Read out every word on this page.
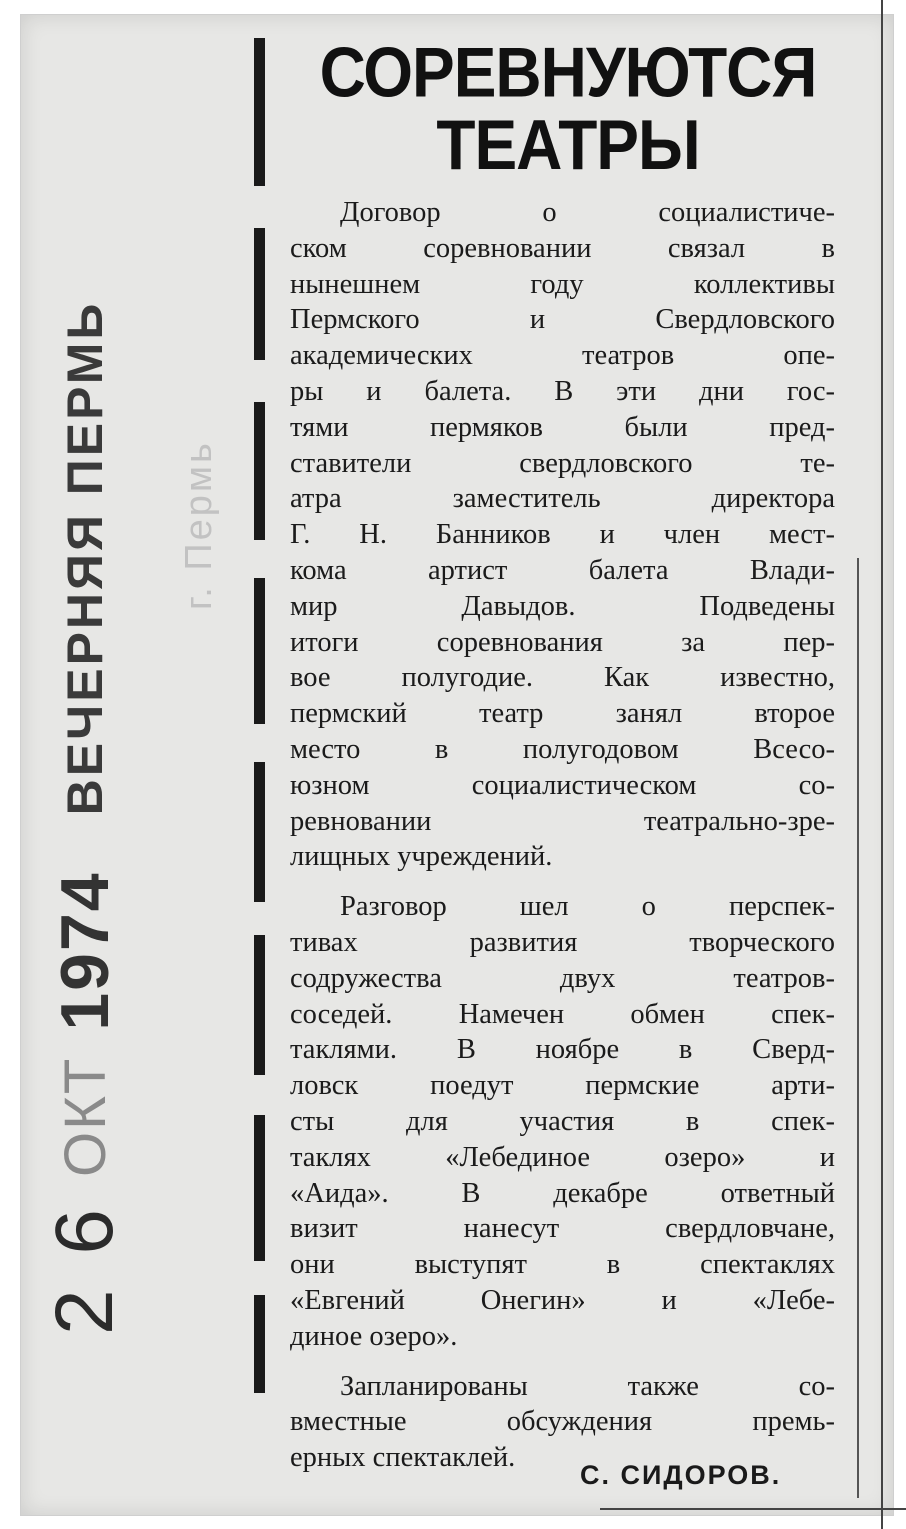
г. Пермь
2 6
ОКТ
1974
ВЕЧЕРНЯЯ ПЕРМЬ
СОРЕВНУЮТСЯ
ТЕАТРЫ
Договор о социалистиче-
ском соревновании связал в
нынешнем году коллективы
Пермского и Свердловского
академических театров опе-
ры и балета. В эти дни гос-
тями пермяков были пред-
ставители свердловского те-
атра заместитель директора
Г. Н. Банников и член мест-
кома артист балета Влади-
мир Давыдов. Подведены
итоги соревнования за пер-
вое полугодие. Как известно,
пермский театр занял второе
место в полугодовом Всесо-
юзном социалистическом со-
ревновании театрально-зре-
лищных учреждений.
Разговор шел о перспек-
тивах развития творческого
содружества двух театров-
соседей. Намечен обмен спек-
таклями. В ноябре в Сверд-
ловск поедут пермские арти-
сты для участия в спек-
таклях «Лебединое озеро» и
«Аида». В декабре ответный
визит нанесут свердловчане,
они выступят в спектаклях
«Евгений Онегин» и «Лебе-
диное озеро».
Запланированы также со-
вместные обсуждения премь-
ерных спектаклей.
С. СИДОРОВ.
